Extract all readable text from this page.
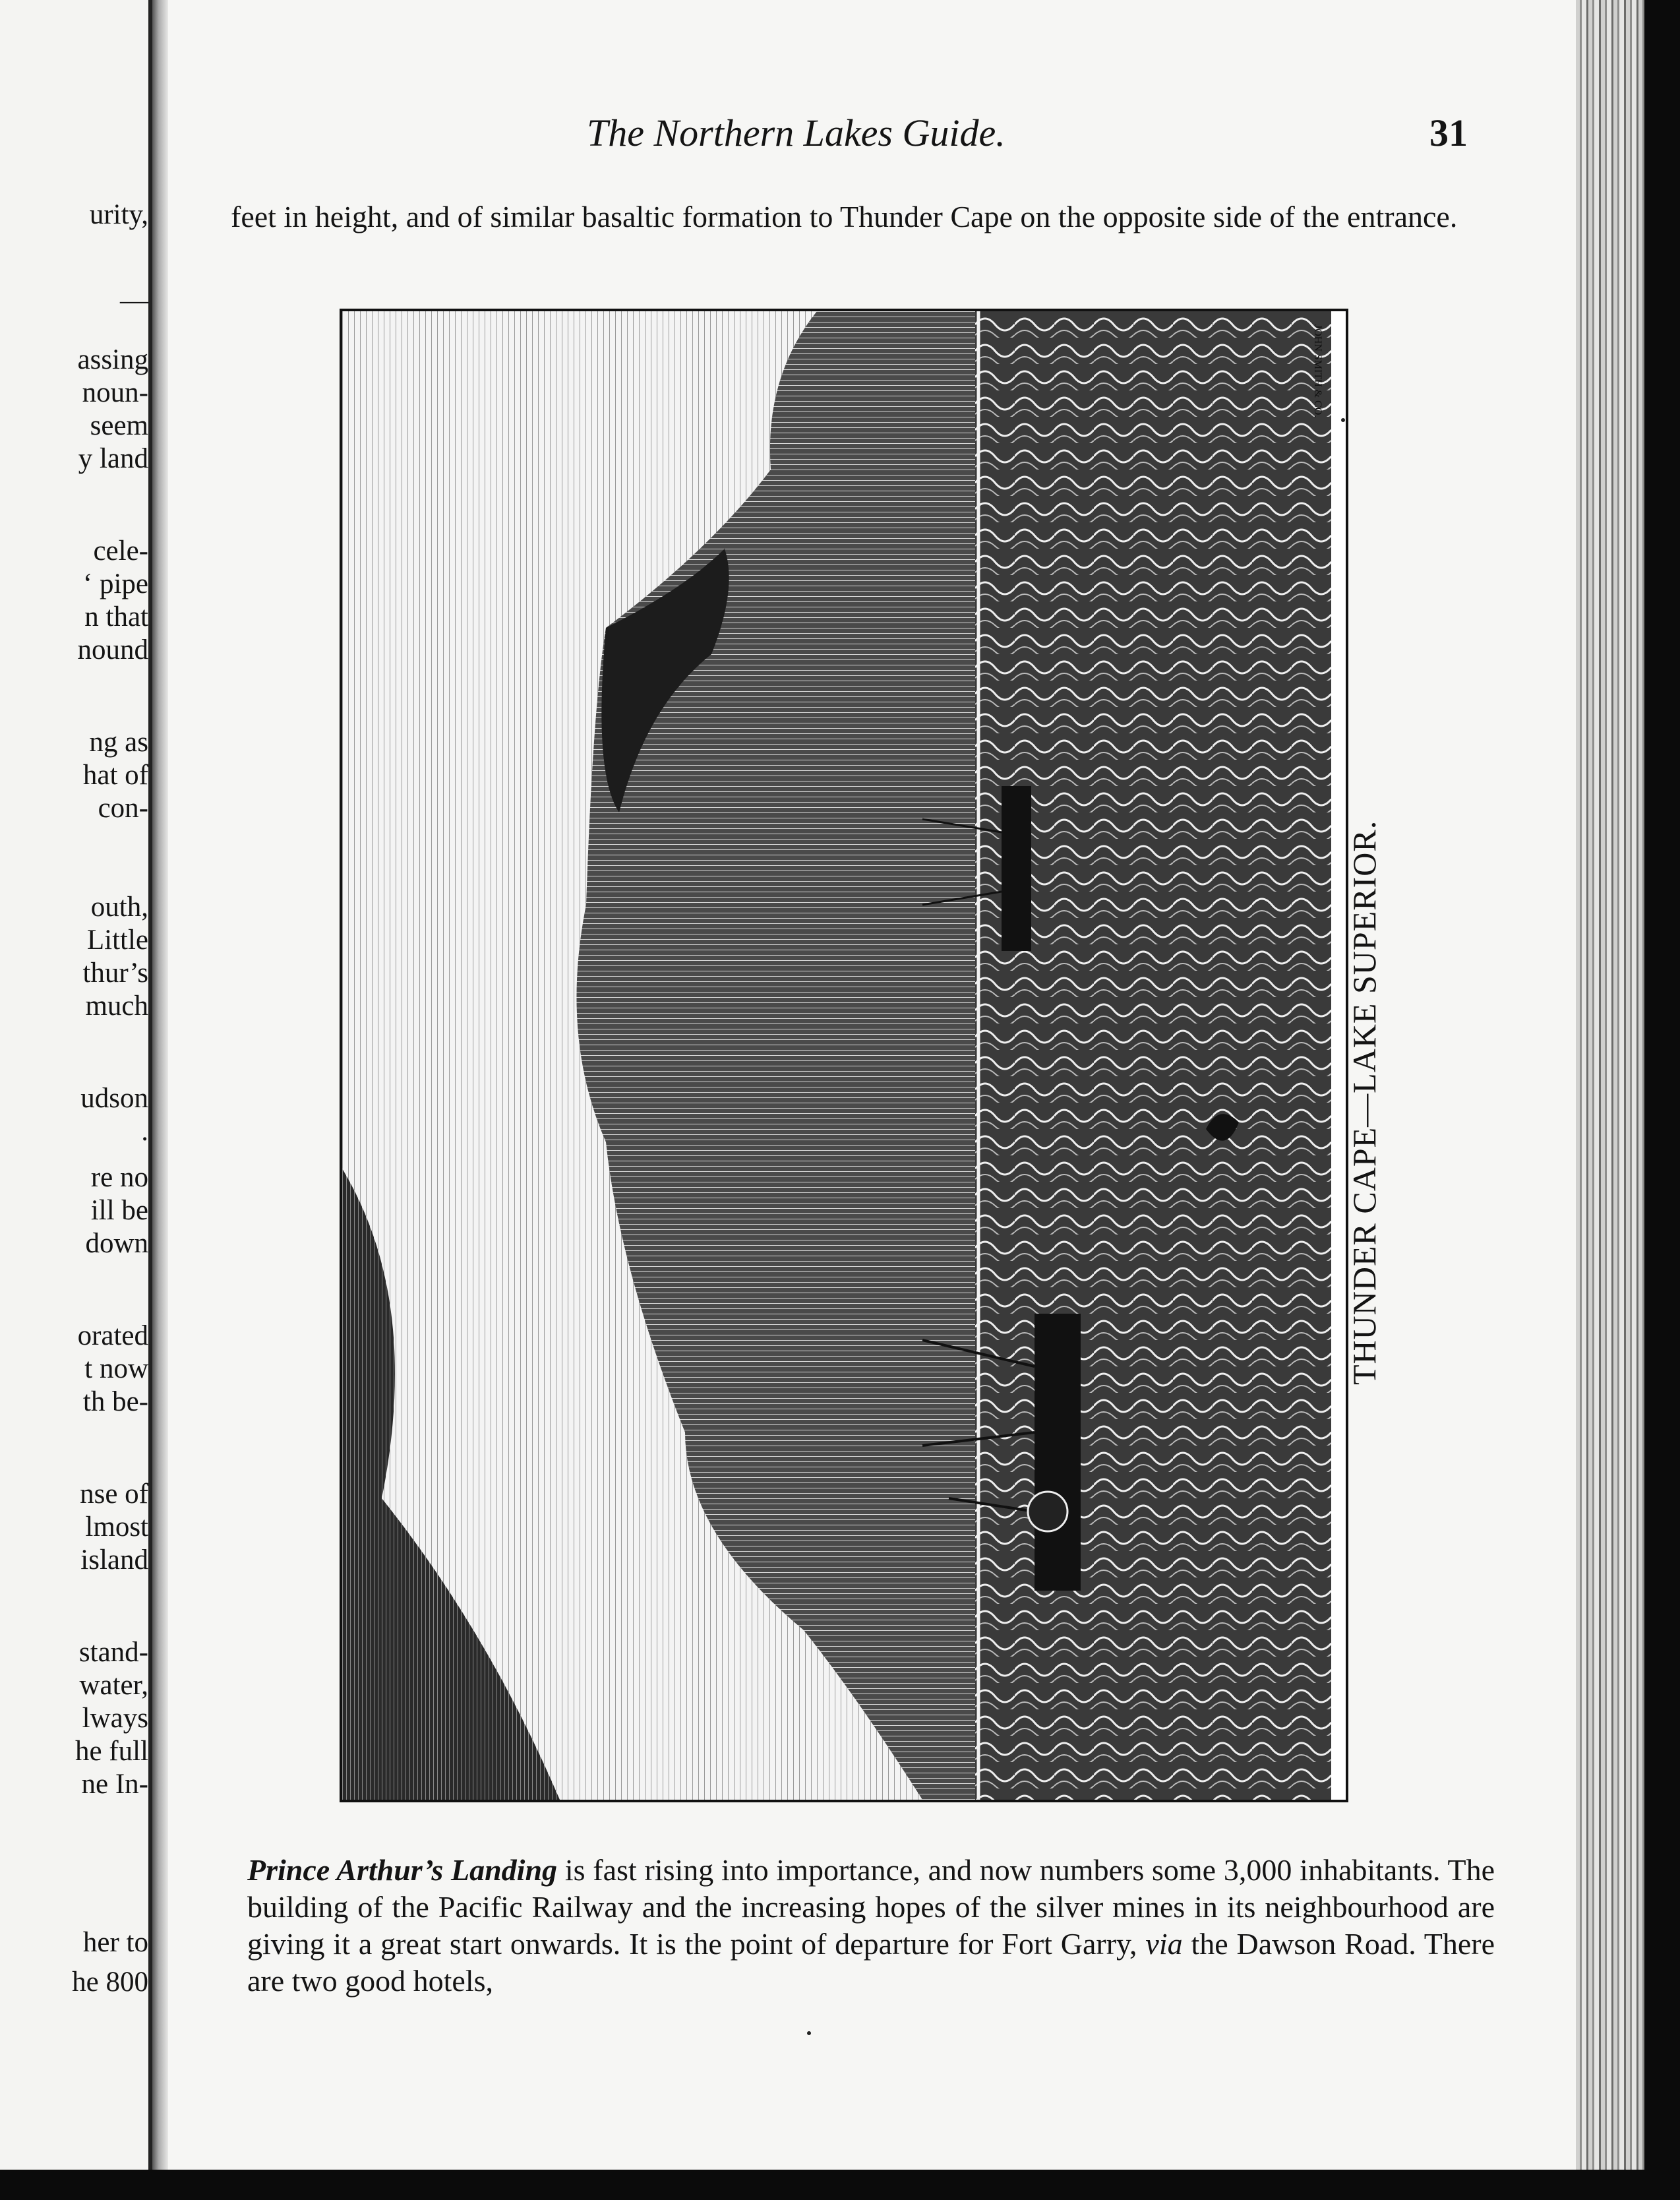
urity,
—
assing
noun-
seem
y land
cele-
‘ pipe
n that
nound
ng as
hat of
con-
outh,
Little
thur’s
much
udson
.
re no
ill be
down
orated
t now
th be-
nse of
lmost
island
stand-
water,
lways
he full
ne In-
her to
he 800
The Northern Lakes Guide.	31
feet in height, and of similar basaltic formation to Thunder Cape on the opposite side of the entrance.
JOHN SMITH & CO.
THUNDER CAPE—LAKE SUPERIOR.
Prince Arthur’s Landing is fast rising into importance, and now numbers some 3,000 inhabitants. The building of the Pacific Railway and the increasing hopes of the silver mines in its neighbourhood are giving it a great start onwards. It is the point of departure for Fort Garry, via the Dawson Road. There are two good hotels,
